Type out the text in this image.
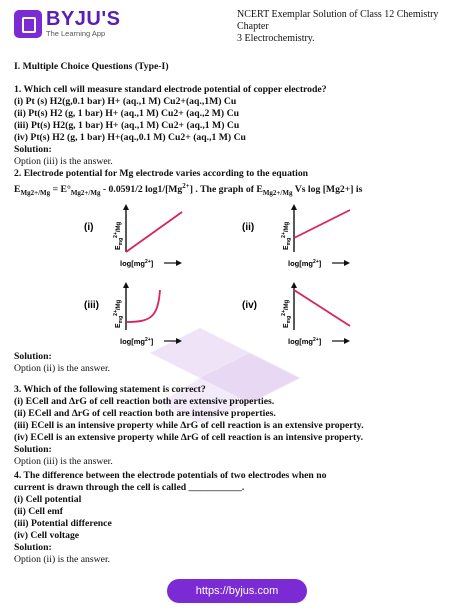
BYJU'S
The Learning App
NCERT Exemplar Solution of Class 12 Chemistry Chapter
3 Electrochemistry.
I. Multiple Choice Questions (Type-I)
1. Which cell will measure standard electrode potential of copper electrode?
(i) Pt (s) H2(g,0.1 bar) H+ (aq.,1 M) Cu2+(aq.,1M) Cu
(ii) Pt(s) H2 (g, 1 bar) H+ (aq.,1 M) Cu2+ (aq.,2 M) Cu
(iii) Pt(s) H2(g, 1 bar) H+ (aq.,1 M) Cu2+ (aq.,1 M) Cu
(iv) Pt(s) H2 (g, 1 bar) H+(aq.,0.1 M) Cu2+ (aq.,1 M) Cu
Solution:
Option (iii) is the answer.
2. Electrode potential for Mg electrode varies according to the equation
$E_{Mg2+/Mg} = E^\circ_{Mg2+/Mg} - 0.0591/2$ $\log 1/[Mg^{2+}]$ . The graph of $E_{Mg2+/Mg}$ Vs log [Mg2+] is
(i)
$E_{mg}^{2+}/Mg$
$\log[mg^{2+}]$
(ii)
$E_{mg}^{2+}/Mg$
$\log[mg^{2+}]$
(iii)
$E_{mg}^{2+}/Mg$
$\log[mg^{2+}]$
(iv)
$E_{mg}^{2+}/Mg$
$\log[mg^{2+}]$
Solution:
Option (ii) is the answer.
3. Which of the following statement is correct?
(i) ECell and ∆rG of cell reaction both are extensive properties.
(ii) ECell and ∆rG of cell reaction both are intensive properties.
(iii) ECell is an intensive property while ∆rG of cell reaction is an extensive property.
(iv) ECell is an extensive property while ∆rG of cell reaction is an intensive property.
Solution:
Option (iii) is the answer.
4. The difference between the electrode potentials of two electrodes when no
current is drawn through the cell is called ___________.
(i) Cell potential
(ii) Cell emf
(iii) Potential difference
(iv) Cell voltage
Solution:
Option (ii) is the answer.
https://byjus.com
